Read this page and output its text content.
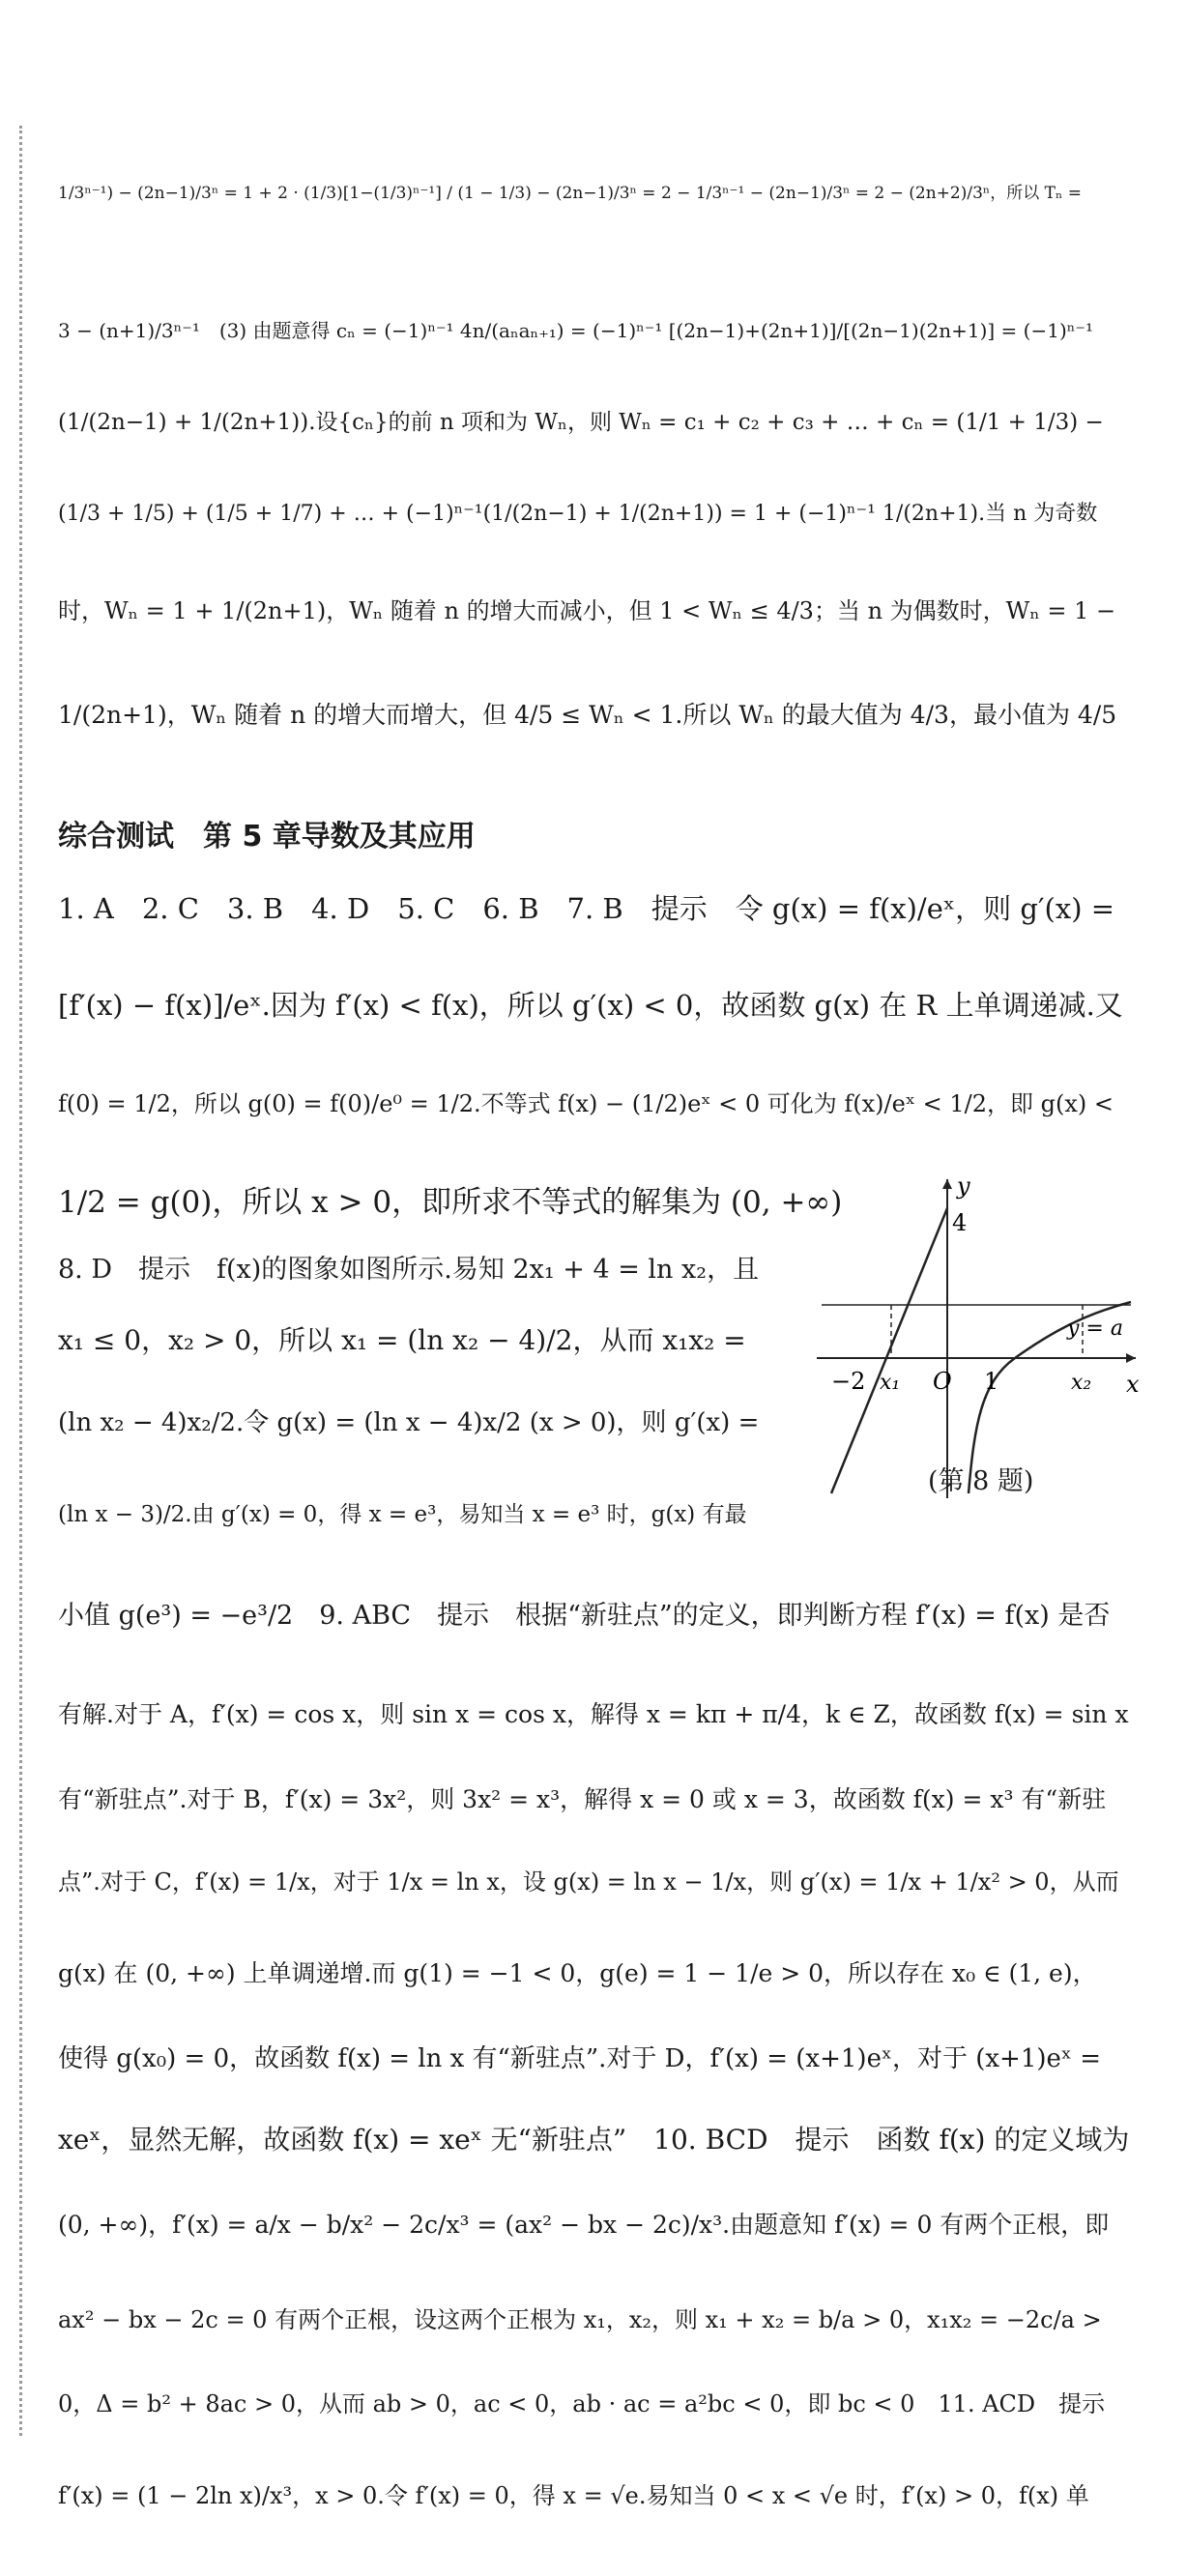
1/3ⁿ⁻¹) − (2n−1)/3ⁿ = 1 + 2 · (1/3)[1−(1/3)ⁿ⁻¹] / (1 − 1/3) − (2n−1)/3ⁿ = 2 − 1/3ⁿ⁻¹ − (2n−1)/3ⁿ = 2 − (2n+2)/3ⁿ，所以 Tₙ =
3 − (n+1)/3ⁿ⁻¹　(3) 由题意得 cₙ = (−1)ⁿ⁻¹ 4n/(aₙaₙ₊₁) = (−1)ⁿ⁻¹ [(2n−1)+(2n+1)]/[(2n−1)(2n+1)] = (−1)ⁿ⁻¹
(1/(2n−1) + 1/(2n+1)).设{cₙ}的前 n 项和为 Wₙ，则 Wₙ = c₁ + c₂ + c₃ + … + cₙ = (1/1 + 1/3) −
(1/3 + 1/5) + (1/5 + 1/7) + … + (−1)ⁿ⁻¹(1/(2n−1) + 1/(2n+1)) = 1 + (−1)ⁿ⁻¹ 1/(2n+1).当 n 为奇数
时，Wₙ = 1 + 1/(2n+1)，Wₙ 随着 n 的增大而减小，但 1 < Wₙ ≤ 4/3；当 n 为偶数时，Wₙ = 1 −
1/(2n+1)，Wₙ 随着 n 的增大而增大，但 4/5 ≤ Wₙ < 1.所以 Wₙ 的最大值为 4/3，最小值为 4/5
综合测试　第 5 章导数及其应用
1. A　2. C　3. B　4. D　5. C　6. B　7. B　提示　令 g(x) = f(x)/eˣ，则 g′(x) =
[f′(x) − f(x)]/eˣ.因为 f′(x) < f(x)，所以 g′(x) < 0，故函数 g(x) 在 R 上单调递减.又
f(0) = 1/2，所以 g(0) = f(0)/e⁰ = 1/2.不等式 f(x) − (1/2)eˣ < 0 可化为 f(x)/eˣ < 1/2，即 g(x) <
1/2 = g(0)，所以 x > 0，即所求不等式的解集为 (0, +∞)
8. D　提示　f(x)的图象如图所示.易知 2x₁ + 4 = ln x₂，且
x₁ ≤ 0，x₂ > 0，所以 x₁ = (ln x₂ − 4)/2，从而 x₁x₂ =
(ln x₂ − 4)x₂/2.令 g(x) = (ln x − 4)x/2 (x > 0)，则 g′(x) =
(ln x − 3)/2.由 g′(x) = 0，得 x = e³，易知当 x = e³ 时，g(x) 有最
小值 g(e³) = −e³/2　9. ABC　提示　根据“新驻点”的定义，即判断方程 f′(x) = f(x) 是否
有解.对于 A，f′(x) = cos x，则 sin x = cos x，解得 x = kπ + π/4，k ∈ Z，故函数 f(x) = sin x
有“新驻点”.对于 B，f′(x) = 3x²，则 3x² = x³，解得 x = 0 或 x = 3，故函数 f(x) = x³ 有“新驻
点”.对于 C，f′(x) = 1/x，对于 1/x = ln x，设 g(x) = ln x − 1/x，则 g′(x) = 1/x + 1/x² > 0，从而
g(x) 在 (0, +∞) 上单调递增.而 g(1) = −1 < 0，g(e) = 1 − 1/e > 0，所以存在 x₀ ∈ (1, e)，
使得 g(x₀) = 0，故函数 f(x) = ln x 有“新驻点”.对于 D，f′(x) = (x+1)eˣ，对于 (x+1)eˣ =
xeˣ，显然无解，故函数 f(x) = xeˣ 无“新驻点”　10. BCD　提示　函数 f(x) 的定义域为
(0, +∞)，f′(x) = a/x − b/x² − 2c/x³ = (ax² − bx − 2c)/x³.由题意知 f′(x) = 0 有两个正根，即
ax² − bx − 2c = 0 有两个正根，设这两个正根为 x₁，x₂，则 x₁ + x₂ = b/a > 0，x₁x₂ = −2c/a >
0，Δ = b² + 8ac > 0，从而 ab > 0，ac < 0，ab · ac = a²bc < 0，即 bc < 0　11. ACD　提示
f′(x) = (1 − 2ln x)/x³，x > 0.令 f′(x) = 0，得 x = √e.易知当 0 < x < √e 时，f′(x) > 0，f(x) 单
y
x
O
4
−2	1
x₁	x₂
y = a
(第 8 题)
